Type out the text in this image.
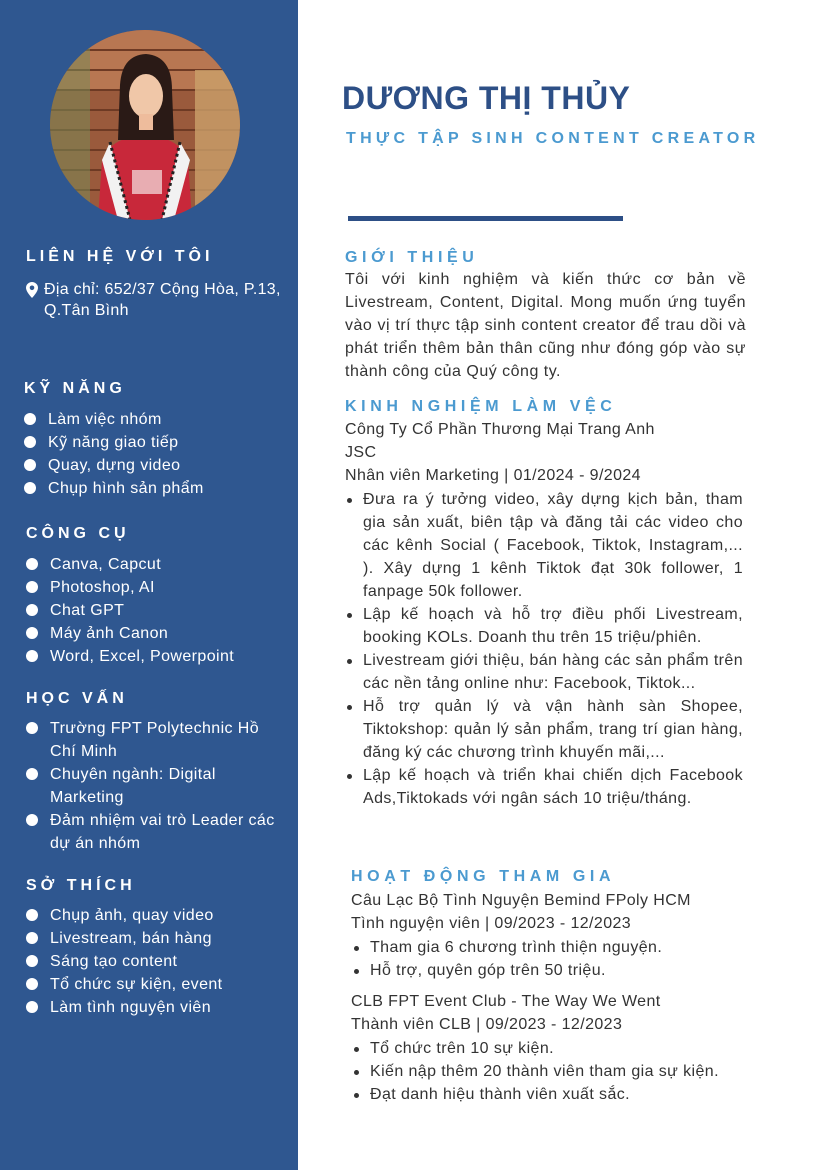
LIÊN HỆ VỚI TÔI
Địa chỉ: 652/37 Cộng Hòa, P.13, Q.Tân Bình
KỸ NĂNG
Làm việc nhóm
Kỹ năng giao tiếp
Quay, dựng video
Chụp hình sản phẩm
CÔNG CỤ
Canva, Capcut
Photoshop, AI
Chat GPT
Máy ảnh Canon
Word, Excel, Powerpoint
HỌC VẤN
Trường FPT Polytechnic Hồ Chí Minh
Chuyên ngành: Digital Marketing
Đảm nhiệm vai trò Leader các dự án nhóm
SỞ THÍCH
Chụp ảnh, quay video
Livestream, bán hàng
Sáng tạo content
Tổ chức sự kiện, event
Làm tình nguyện viên
DƯƠNG THỊ THỦY
THỰC TẬP SINH CONTENT CREATOR
GIỚI THIỆU

Tôi với kinh nghiệm và kiến thức cơ bản về Livestream, Content, Digital. Mong muốn ứng tuyển vào vị trí thực tập sinh content creator để trau dồi và phát triển thêm bản thân cũng như đóng góp vào sự thành công của Quý công ty.

KINH NGHIỆM LÀM VỆC

Công Ty Cổ Phần Thương Mại Trang Anh

JSC

Nhân viên Marketing | 01/2024 - 9/2024

Đưa ra ý tưởng video, xây dựng kịch bản, tham gia sản xuất, biên tập và đăng tải các video cho các kênh Social ( Facebook, Tiktok, Instagram,... ). Xây dựng 1 kênh Tiktok đạt 30k follower, 1 fanpage 50k follower.
Lập kế hoạch và hỗ trợ điều phối Livestream, booking KOLs. Doanh thu trên 15 triệu/phiên.
Livestream giới thiệu, bán hàng các sản phẩm trên các nền tảng online như: Facebook, Tiktok...
Hỗ trợ quản lý và vận hành sàn Shopee, Tiktokshop: quản lý sản phẩm, trang trí gian hàng, đăng ký các chương trình khuyến mãi,...
Lập kế hoạch và triển khai chiến dịch Facebook Ads,Tiktokads với ngân sách 10 triệu/tháng.
HOẠT ĐỘNG THAM GIA

Câu Lạc Bộ Tình Nguyện Bemind FPoly HCM

Tình nguyện viên | 09/2023 - 12/2023

Tham gia 6 chương trình thiện nguyện.
Hỗ trợ, quyên góp trên 50 triệu.

CLB FPT Event Club - The Way We Went

Thành viên CLB | 09/2023 - 12/2023

Tổ chức trên 10 sự kiện.
Kiến nập thêm 20 thành viên tham gia sự kiện.
Đạt danh hiệu thành viên xuất sắc.
